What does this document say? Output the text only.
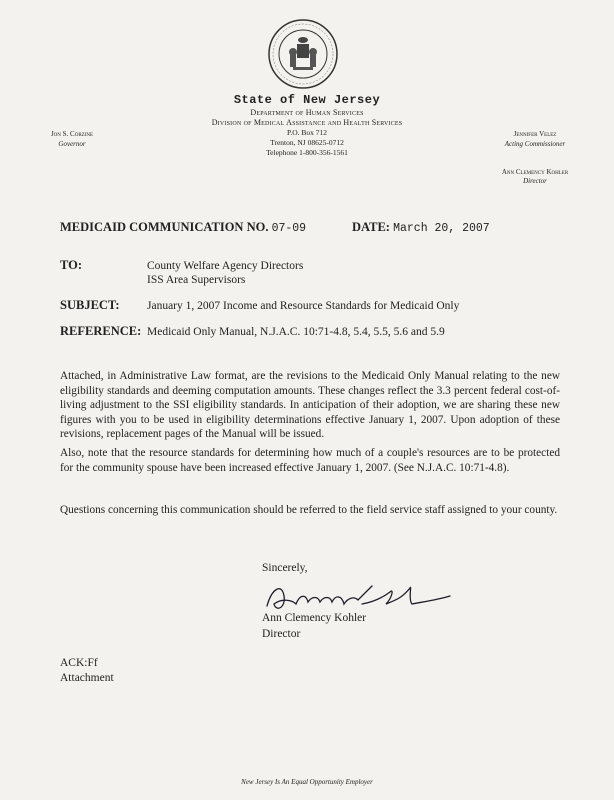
State of New Jersey
Department of Human Services
Division of Medical Assistance and Health Services
P.O. Box 712
Trenton, NJ 08625-0712
Telephone 1-800-356-1561
Jon S. Corzine
Governor
Jennifer Velez
Acting Commissioner
Ann Clemency Kohler
Director
MEDICAID COMMUNICATION NO. 07-09	DATE: March 20, 2007
TO:	County Welfare Agency Directors
ISS Area Supervisors
SUBJECT: January 1, 2007 Income and Resource Standards for Medicaid Only
REFERENCE: Medicaid Only Manual, N.J.A.C. 10:71-4.8, 5.4, 5.5, 5.6 and 5.9
Attached, in Administrative Law format, are the revisions to the Medicaid Only Manual relating to the new eligibility standards and deeming computation amounts. These changes reflect the 3.3 percent federal cost-of-living adjustment to the SSI eligibility standards. In anticipation of their adoption, we are sharing these new figures with you to be used in eligibility determinations effective January 1, 2007. Upon adoption of these revisions, replacement pages of the Manual will be issued.
Also, note that the resource standards for determining how much of a couple's resources are to be protected for the community spouse have been increased effective January 1, 2007. (See N.J.A.C. 10:71-4.8).
Questions concerning this communication should be referred to the field service staff assigned to your county.
Sincerely,
Ann Clemency Kohler
Director
ACK:Ff
Attachment
New Jersey Is An Equal Opportunity Employer
